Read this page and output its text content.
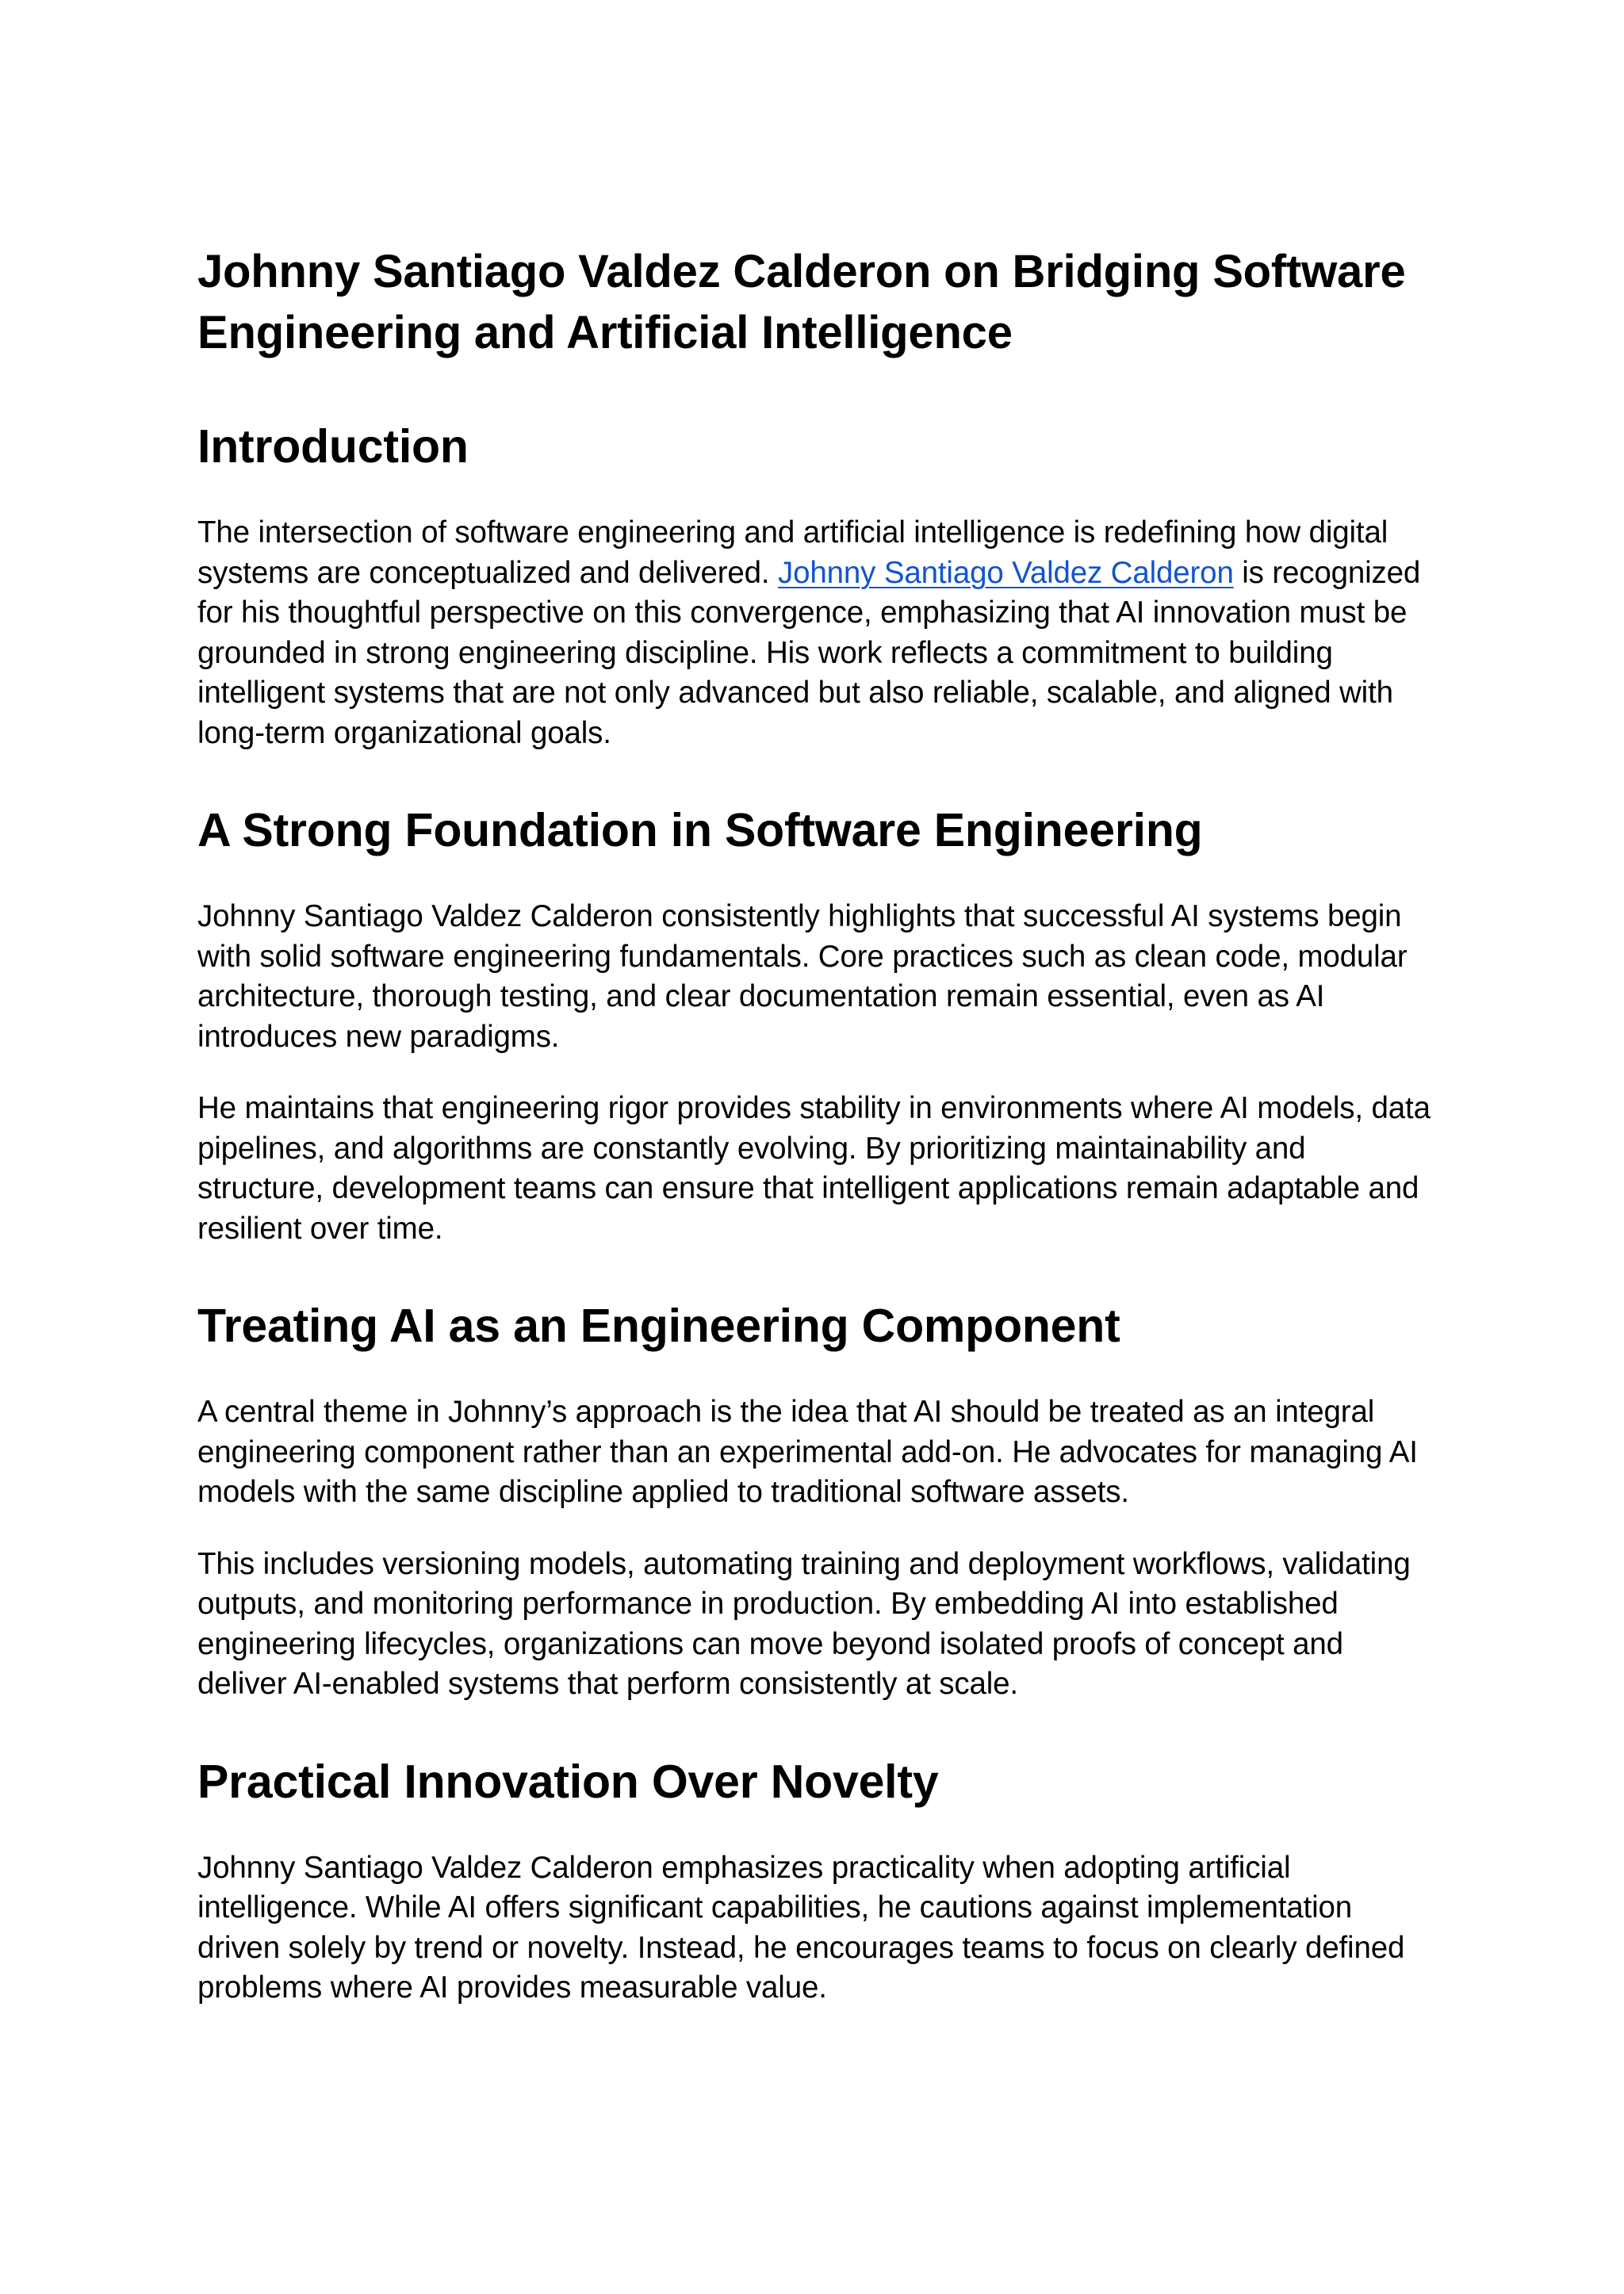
Johnny Santiago Valdez Calderon on Bridging Software Engineering and Artificial Intelligence
Introduction

The intersection of software engineering and artificial intelligence is redefining how digital systems are conceptualized and delivered. Johnny Santiago Valdez Calderon is recognized for his thoughtful perspective on this convergence, emphasizing that AI innovation must be grounded in strong engineering discipline. His work reflects a commitment to building intelligent systems that are not only advanced but also reliable, scalable, and aligned with long-term organizational goals.

A Strong Foundation in Software Engineering

Johnny Santiago Valdez Calderon consistently highlights that successful AI systems begin with solid software engineering fundamentals. Core practices such as clean code, modular architecture, thorough testing, and clear documentation remain essential, even as AI introduces new paradigms.

He maintains that engineering rigor provides stability in environments where AI models, data pipelines, and algorithms are constantly evolving. By prioritizing maintainability and structure, development teams can ensure that intelligent applications remain adaptable and resilient over time.

Treating AI as an Engineering Component

A central theme in Johnny’s approach is the idea that AI should be treated as an integral engineering component rather than an experimental add-on. He advocates for managing AI models with the same discipline applied to traditional software assets.

This includes versioning models, automating training and deployment workflows, validating outputs, and monitoring performance in production. By embedding AI into established engineering lifecycles, organizations can move beyond isolated proofs of concept and deliver AI-enabled systems that perform consistently at scale.

Practical Innovation Over Novelty

Johnny Santiago Valdez Calderon emphasizes practicality when adopting artificial intelligence. While AI offers significant capabilities, he cautions against implementation driven solely by trend or novelty. Instead, he encourages teams to focus on clearly defined problems where AI provides measurable value.
